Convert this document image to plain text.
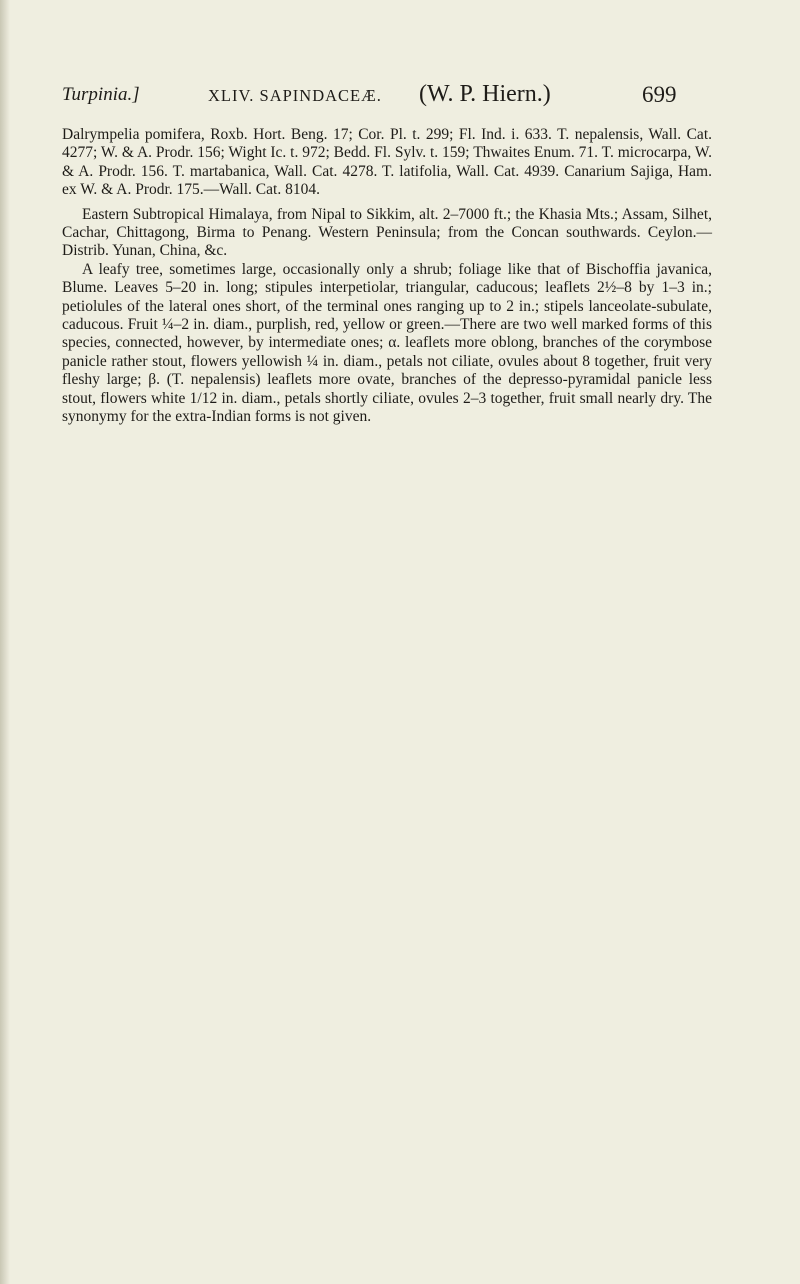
Turpinia.]	XLIV. SAPINDACEÆ. (W. P. Hiern.)	699

Dalrympelia pomifera, Roxb. Hort. Beng. 17; Cor. Pl. t. 299; Fl. Ind. i. 633. T. nepalensis, Wall. Cat. 4277; W. & A. Prodr. 156; Wight Ic. t. 972; Bedd. Fl. Sylv. t. 159; Thwaites Enum. 71. T. microcarpa, W. & A. Prodr. 156. T. martabanica, Wall. Cat. 4278. T. latifolia, Wall. Cat. 4939. Canarium Sajiga, Ham. ex W. & A. Prodr. 175.—Wall. Cat. 8104.

Eastern Subtropical Himalaya, from Nipal to Sikkim, alt. 2–7000 ft.; the Khasia Mts.; Assam, Silhet, Cachar, Chittagong, Birma to Penang. Western Peninsula; from the Concan southwards. Ceylon.—Distrib. Yunan, China, &c.

A leafy tree, sometimes large, occasionally only a shrub; foliage like that of Bischoffia javanica, Blume. Leaves 5–20 in. long; stipules interpetiolar, triangular, caducous; leaflets 2½–8 by 1–3 in.; petiolules of the lateral ones short, of the terminal ones ranging up to 2 in.; stipels lanceolate-subulate, caducous. Fruit ¼–2 in. diam., purplish, red, yellow or green.—There are two well marked forms of this species, connected, however, by intermediate ones; α. leaflets more oblong, branches of the corymbose panicle rather stout, flowers yellowish ¼ in. diam., petals not ciliate, ovules about 8 together, fruit very fleshy large; β. (T. nepalensis) leaflets more ovate, branches of the depresso-pyramidal panicle less stout, flowers white 1/12 in. diam., petals shortly ciliate, ovules 2–3 together, fruit small nearly dry. The synonymy for the extra-Indian forms is not given.
